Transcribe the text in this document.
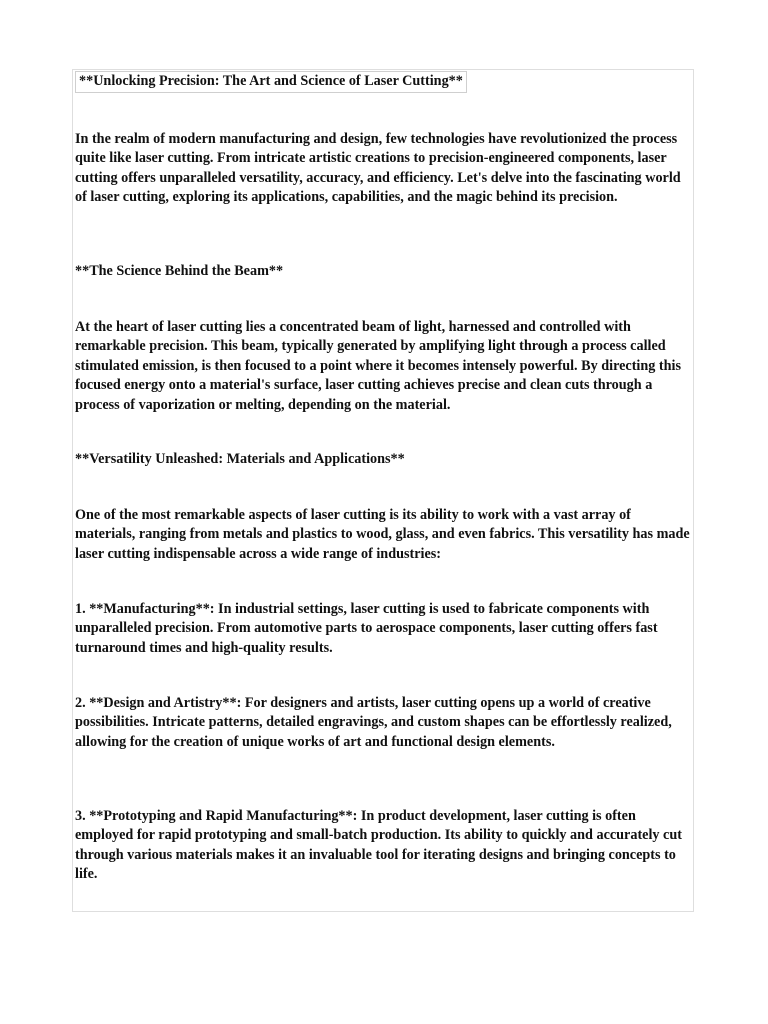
**Unlocking Precision: The Art and Science of Laser Cutting**

In the realm of modern manufacturing and design, few technologies have revolutionized the process quite like laser cutting. From intricate artistic creations to precision-engineered components, laser cutting offers unparalleled versatility, accuracy, and efficiency. Let's delve into the fascinating world of laser cutting, exploring its applications, capabilities, and the magic behind its precision.

**The Science Behind the Beam**

At the heart of laser cutting lies a concentrated beam of light, harnessed and controlled with remarkable precision. This beam, typically generated by amplifying light through a process called stimulated emission, is then focused to a point where it becomes intensely powerful. By directing this focused energy onto a material's surface, laser cutting achieves precise and clean cuts through a process of vaporization or melting, depending on the material.

**Versatility Unleashed: Materials and Applications**

One of the most remarkable aspects of laser cutting is its ability to work with a vast array of materials, ranging from metals and plastics to wood, glass, and even fabrics. This versatility has made laser cutting indispensable across a wide range of industries:

1. **Manufacturing**: In industrial settings, laser cutting is used to fabricate components with unparalleled precision. From automotive parts to aerospace components, laser cutting offers fast turnaround times and high-quality results.

2. **Design and Artistry**: For designers and artists, laser cutting opens up a world of creative possibilities. Intricate patterns, detailed engravings, and custom shapes can be effortlessly realized, allowing for the creation of unique works of art and functional design elements.

3. **Prototyping and Rapid Manufacturing**: In product development, laser cutting is often employed for rapid prototyping and small-batch production. Its ability to quickly and accurately cut through various materials makes it an invaluable tool for iterating designs and bringing concepts to life.
